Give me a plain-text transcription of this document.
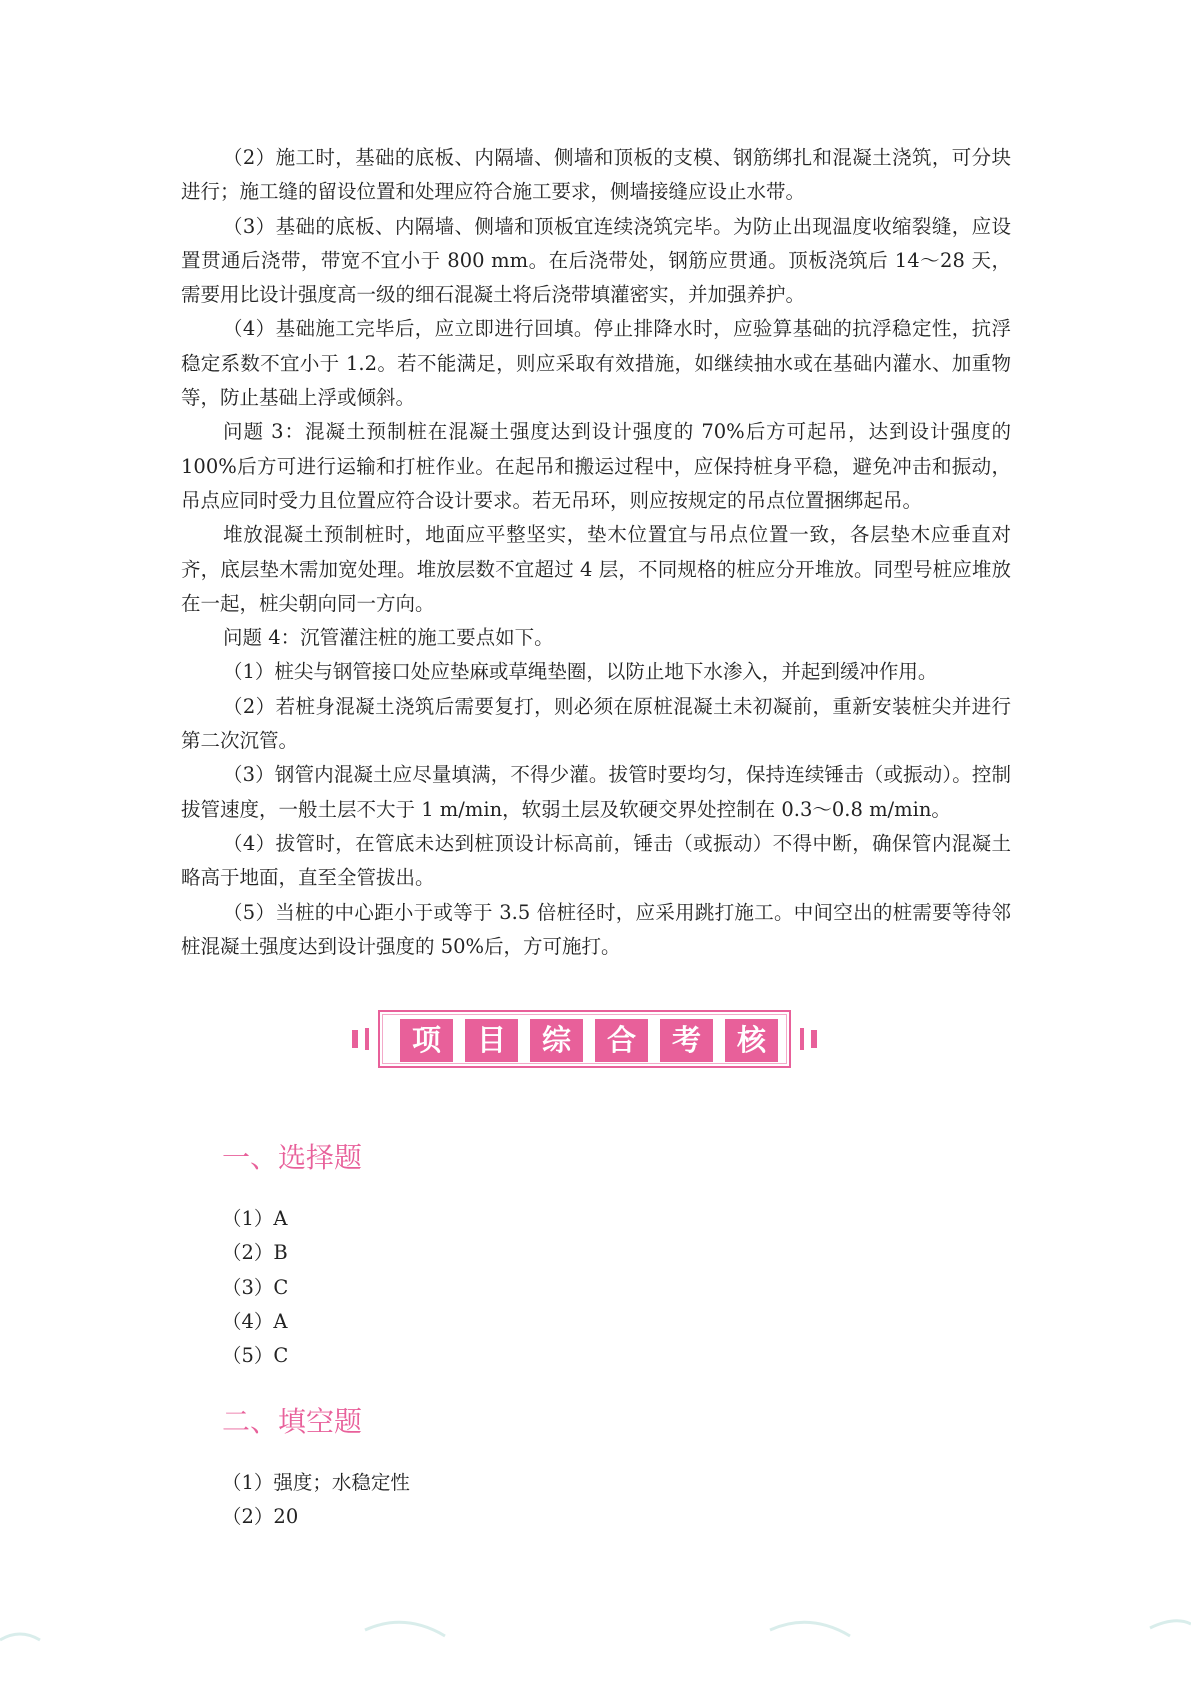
（2）施工时，基础的底板、内隔墙、侧墙和顶板的支模、钢筋绑扎和混凝土浇筑，可分块进行；施工缝的留设位置和处理应符合施工要求，侧墙接缝应设止水带。

（3）基础的底板、内隔墙、侧墙和顶板宜连续浇筑完毕。为防止出现温度收缩裂缝，应设置贯通后浇带，带宽不宜小于 800 mm。在后浇带处，钢筋应贯通。顶板浇筑后 14～28 天，需要用比设计强度高一级的细石混凝土将后浇带填灌密实，并加强养护。

（4）基础施工完毕后，应立即进行回填。停止排降水时，应验算基础的抗浮稳定性，抗浮稳定系数不宜小于 1.2。若不能满足，则应采取有效措施，如继续抽水或在基础内灌水、加重物等，防止基础上浮或倾斜。

问题 3：混凝土预制桩在混凝土强度达到设计强度的 70%后方可起吊，达到设计强度的 100%后方可进行运输和打桩作业。在起吊和搬运过程中，应保持桩身平稳，避免冲击和振动，吊点应同时受力且位置应符合设计要求。若无吊环，则应按规定的吊点位置捆绑起吊。

堆放混凝土预制桩时，地面应平整坚实，垫木位置宜与吊点位置一致，各层垫木应垂直对齐，底层垫木需加宽处理。堆放层数不宜超过 4 层，不同规格的桩应分开堆放。同型号桩应堆放在一起，桩尖朝向同一方向。

问题 4：沉管灌注桩的施工要点如下。

（1）桩尖与钢管接口处应垫麻或草绳垫圈，以防止地下水渗入，并起到缓冲作用。

（2）若桩身混凝土浇筑后需要复打，则必须在原桩混凝土未初凝前，重新安装桩尖并进行第二次沉管。

（3）钢管内混凝土应尽量填满，不得少灌。拔管时要均匀，保持连续锤击（或振动）。控制拔管速度，一般土层不大于 1 m/min，软弱土层及软硬交界处控制在 0.3～0.8 m/min。

（4）拔管时，在管底未达到桩顶设计标高前，锤击（或振动）不得中断，确保管内混凝土略高于地面，直至全管拔出。

（5）当桩的中心距小于或等于 3.5 倍桩径时，应采用跳打施工。中间空出的桩需要等待邻桩混凝土强度达到设计强度的 50%后，方可施打。

项	目	综	合	考	核
一、选择题
（1）A
（2）B
（3）C
（4）A
（5）C
二、填空题
（1）强度；水稳定性
（2）20
